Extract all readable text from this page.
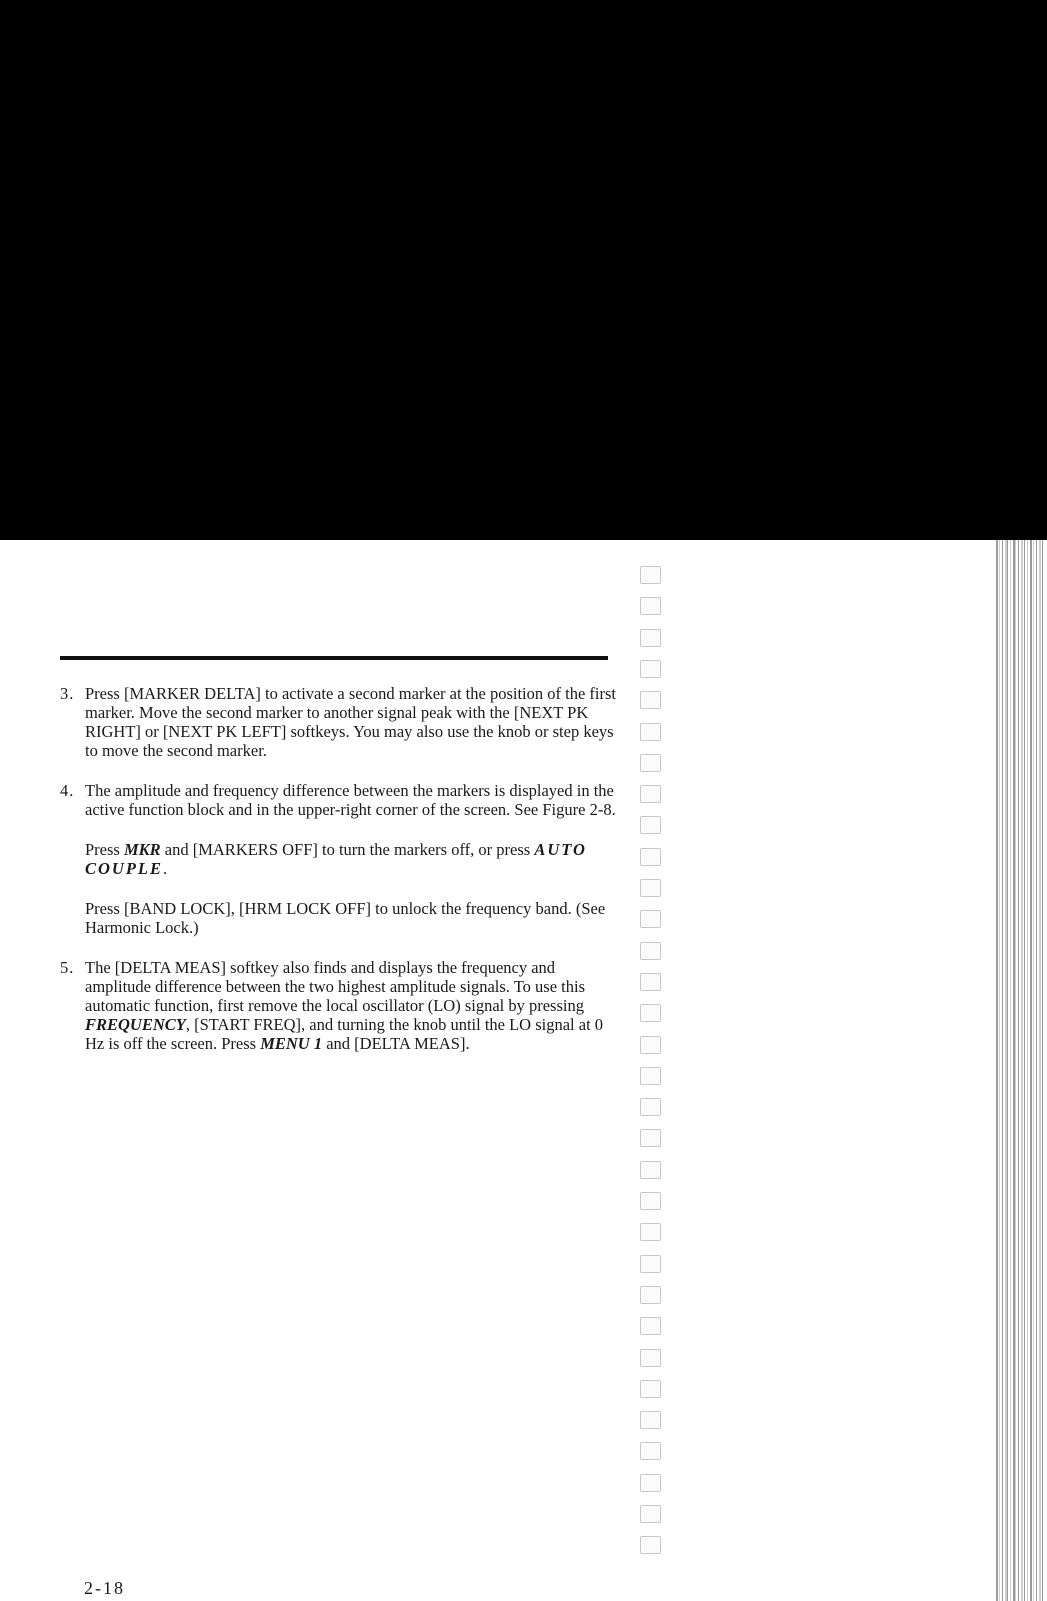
3. Press [MARKER DELTA] to activate a second marker at the position of the first marker. Move the second marker to another signal peak with the [NEXT PK RIGHT] or [NEXT PK LEFT] softkeys. You may also use the knob or step keys to move the second marker.

4. The amplitude and frequency difference between the markers is displayed in the active function block and in the upper-right corner of the screen. See Figure 2-8.

Press MKR and [MARKERS OFF] to turn the markers off, or press AUTO COUPLE.

Press [BAND LOCK], [HRM LOCK OFF] to unlock the frequency band. (See Harmonic Lock.)

5. The [DELTA MEAS] softkey also finds and displays the frequency and amplitude difference between the two highest amplitude signals. To use this automatic function, first remove the local oscillator (LO) signal by pressing FREQUENCY, [START FREQ], and turning the knob until the LO signal at 0 Hz is off the screen. Press MENU 1 and [DELTA MEAS].

2-18
